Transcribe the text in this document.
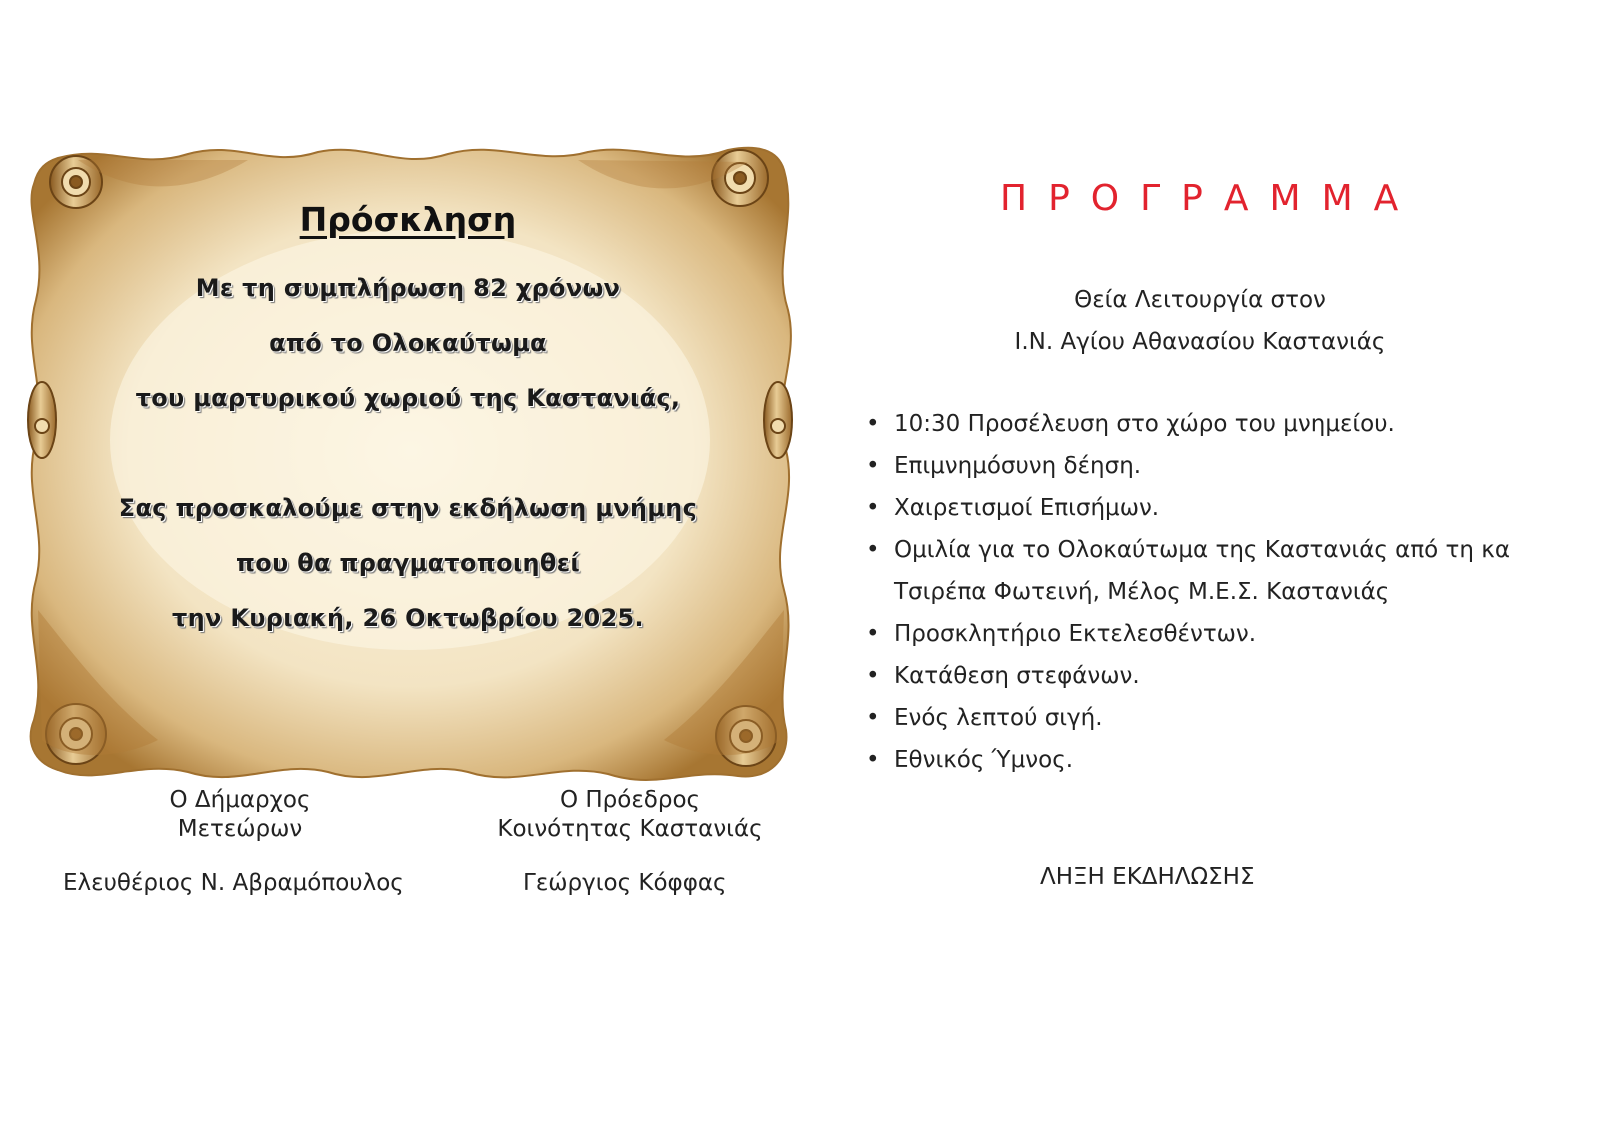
Πρόσκληση
Με τη συμπλήρωση 82 χρόνων
από το Ολοκαύτωμα
του μαρτυρικού χωριού της Καστανιάς,
Σας προσκαλούμε στην εκδήλωση μνήμης
που θα πραγματοποιηθεί
την Κυριακή, 26 Οκτωβρίου 2025.
Ο Δήμαρχος
Μετεώρων
Ελευθέριος Ν. Αβραμόπουλος
Ο Πρόεδρος
Κοινότητας Καστανιάς
Γεώργιος Κόφφας
ΠΡΟΓΡΑΜΜΑ
Θεία Λειτουργία στον
Ι.Ν. Αγίου Αθανασίου Καστανιάς
• 10:30 Προσέλευση στο χώρο του μνημείου.
• Επιμνημόσυνη δέηση.
• Χαιρετισμοί Επισήμων.
• Ομιλία για το Ολοκαύτωμα της Καστανιάς από τη κα Τσιρέπα Φωτεινή, Μέλος Μ.Ε.Σ. Καστανιάς
• Προσκλητήριο Εκτελεσθέντων.
• Κατάθεση στεφάνων.
• Ενός λεπτού σιγή.
• Εθνικός Ύμνος.
ΛΗΞΗ ΕΚΔΗΛΩΣΗΣ
